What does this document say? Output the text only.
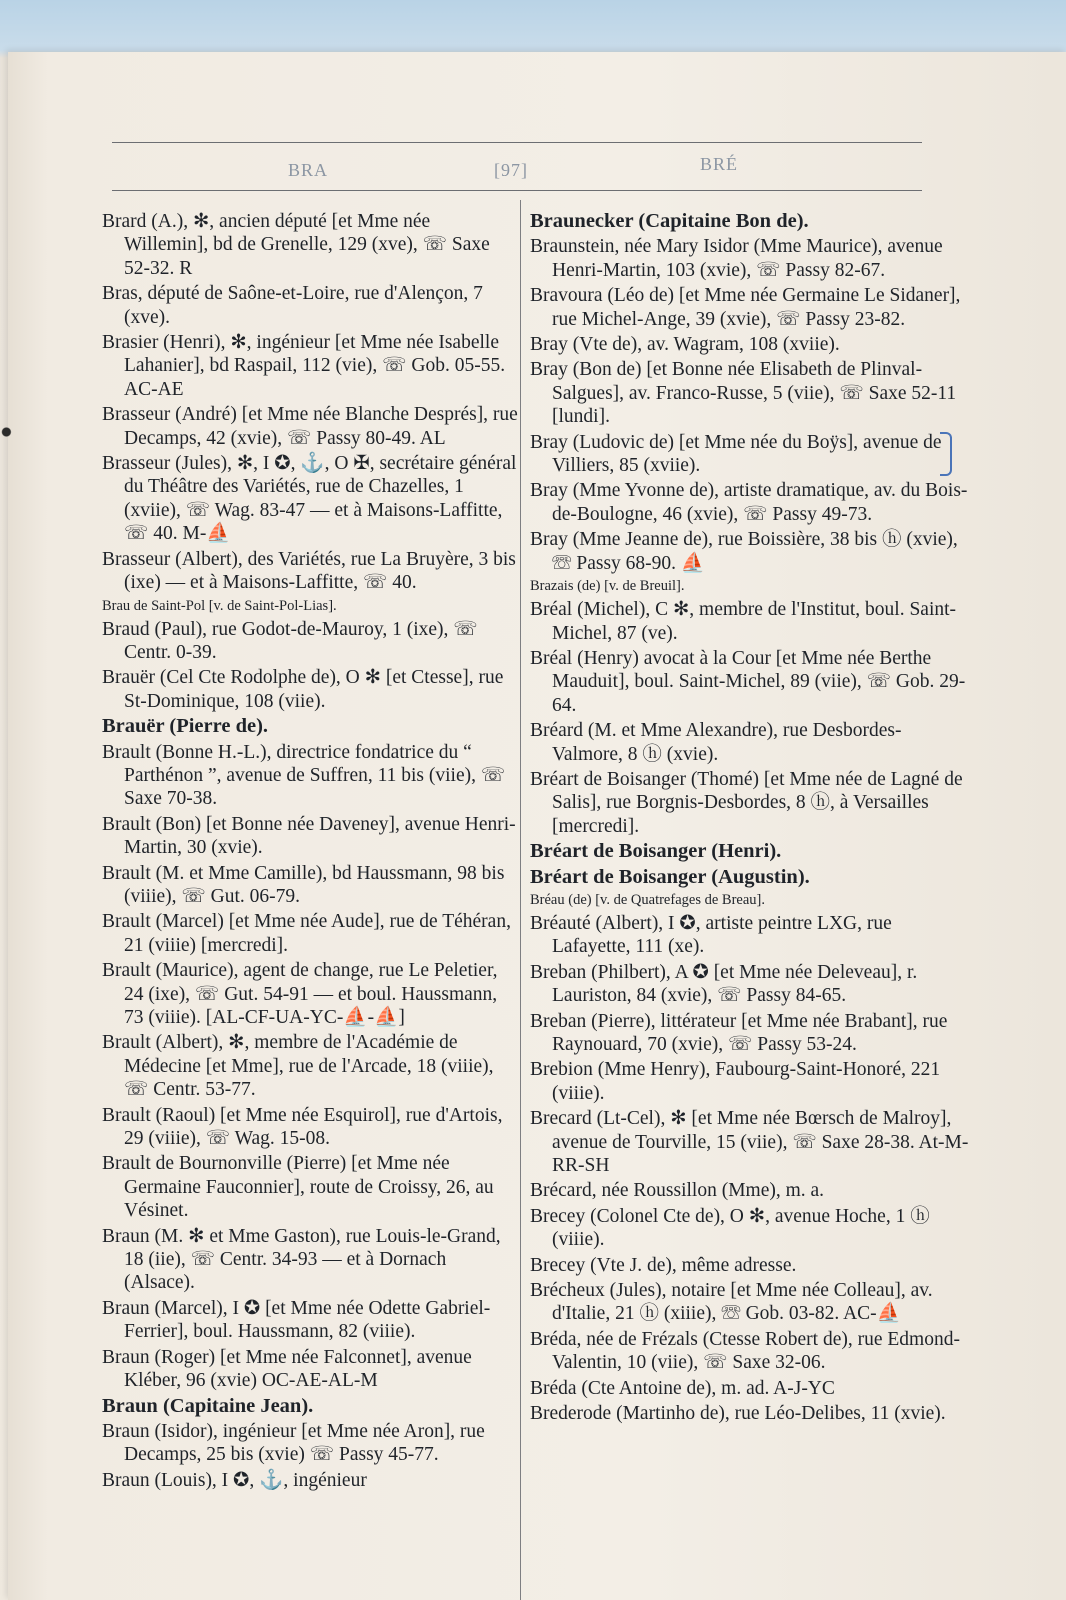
BRA	[97]	BRÉ
Brard (A.), ✻, ancien député [et Mme née Willemin], bd de Grenelle, 129 (xve), ☏ Saxe 52-32. R
Bras, député de Saône-et-Loire, rue d'Alençon, 7 (xve).
Brasier (Henri), ✻, ingénieur [et Mme née Isabelle Lahanier], bd Raspail, 112 (vie), ☏ Gob. 05-55. AC-AE
Brasseur (André) [et Mme née Blanche Després], rue Decamps, 42 (xvie), ☏ Passy 80-49. AL
Brasseur (Jules), ✻, I ✪, ⚓, O ✠, secrétaire général du Théâtre des Variétés, rue de Chazelles, 1 (xviie), ☏ Wag. 83-47 — et à Maisons-Laffitte, ☏ 40. M-⛵
Brasseur (Albert), des Variétés, rue La Bruyère, 3 bis (ixe) — et à Maisons-Laffitte, ☏ 40.
Brau de Saint-Pol [v. de Saint-Pol-Lias].
Braud (Paul), rue Godot-de-Mauroy, 1 (ixe), ☏ Centr. 0-39.
Brauër (Cel Cte Rodolphe de), O ✻ [et Ctesse], rue St-Dominique, 108 (viie).
Brauër (Pierre de).
Brault (Bonne H.-L.), directrice fondatrice du “ Parthénon ”, avenue de Suffren, 11 bis (viie), ☏ Saxe 70-38.
Brault (Bon) [et Bonne née Daveney], avenue Henri-Martin, 30 (xvie).
Brault (M. et Mme Camille), bd Haussmann, 98 bis (viiie), ☏ Gut. 06-79.
Brault (Marcel) [et Mme née Aude], rue de Téhéran, 21 (viiie) [mercredi].
Brault (Maurice), agent de change, rue Le Peletier, 24 (ixe), ☏ Gut. 54-91 — et boul. Haussmann, 73 (viiie). [AL-CF-UA-YC-⛵-⛵]
Brault (Albert), ✻, membre de l'Académie de Médecine [et Mme], rue de l'Arcade, 18 (viiie), ☏ Centr. 53-77.
Brault (Raoul) [et Mme née Esquirol], rue d'Artois, 29 (viiie), ☏ Wag. 15-08.
Brault de Bournonville (Pierre) [et Mme née Germaine Fauconnier], route de Croissy, 26, au Vésinet.
Braun (M. ✻ et Mme Gaston), rue Louis-le-Grand, 18 (iie), ☏ Centr. 34-93 — et à Dornach (Alsace).
Braun (Marcel), I ✪ [et Mme née Odette Gabriel-Ferrier], boul. Haussmann, 82 (viiie).
Braun (Roger) [et Mme née Falconnet], avenue Kléber, 96 (xvie) OC-AE-AL-M
Braun (Capitaine Jean).
Braun (Isidor), ingénieur [et Mme née Aron], rue Decamps, 25 bis (xvie) ☏ Passy 45-77.
Braun (Louis), I ✪, ⚓, ingénieur
Braunecker (Capitaine Bon de).
Braunstein, née Mary Isidor (Mme Maurice), avenue Henri-Martin, 103 (xvie), ☏ Passy 82-67.
Bravoura (Léo de) [et Mme née Germaine Le Sidaner], rue Michel-Ange, 39 (xvie), ☏ Passy 23-82.
Bray (Vte de), av. Wagram, 108 (xviie).
Bray (Bon de) [et Bonne née Elisabeth de Plinval-Salgues], av. Franco-Russe, 5 (viie), ☏ Saxe 52-11 [lundi].
Bray (Ludovic de) [et Mme née du Boÿs], avenue de Villiers, 85 (xviie).
Bray (Mme Yvonne de), artiste dramatique, av. du Bois-de-Boulogne, 46 (xvie), ☏ Passy 49-73.
Bray (Mme Jeanne de), rue Boissière, 38 bis ⓗ (xvie), ☏ Passy 68-90. ⛵
Brazais (de) [v. de Breuil].
Bréal (Michel), C ✻, membre de l'Institut, boul. Saint-Michel, 87 (ve).
Bréal (Henry) avocat à la Cour [et Mme née Berthe Mauduit], boul. Saint-Michel, 89 (viie), ☏ Gob. 29-64.
Bréard (M. et Mme Alexandre), rue Desbordes-Valmore, 8 ⓗ (xvie).
Bréart de Boisanger (Thomé) [et Mme née de Lagné de Salis], rue Borgnis-Desbordes, 8 ⓗ, à Versailles [mercredi].
Bréart de Boisanger (Henri).
Bréart de Boisanger (Augustin).
Bréau (de) [v. de Quatrefages de Breau].
Bréauté (Albert), I ✪, artiste peintre LXG, rue Lafayette, 111 (xe).
Breban (Philbert), A ✪ [et Mme née Deleveau], r. Lauriston, 84 (xvie), ☏ Passy 84-65.
Breban (Pierre), littérateur [et Mme née Brabant], rue Raynouard, 70 (xvie), ☏ Passy 53-24.
Brebion (Mme Henry), Faubourg-Saint-Honoré, 221 (viiie).
Brecard (Lt-Cel), ✻ [et Mme née Bœrsch de Malroy], avenue de Tourville, 15 (viie), ☏ Saxe 28-38. At-M-RR-SH
Brécard, née Roussillon (Mme), m. a.
Brecey (Colonel Cte de), O ✻, avenue Hoche, 1 ⓗ (viiie).
Brecey (Vte J. de), même adresse.
Bréchеux (Jules), notaire [et Mme née Colleau], av. d'Italie, 21 ⓗ (xiiie), ☏ Gob. 03-82. AC-⛵
Bréda, née de Frézals (Ctesse Robert de), rue Edmond-Valentin, 10 (viie), ☏ Saxe 32-06.
Bréda (Cte Antoine de), m. ad. A-J-YC
Brederode (Martinho de), rue Léo-Delibes, 11 (xvie).
